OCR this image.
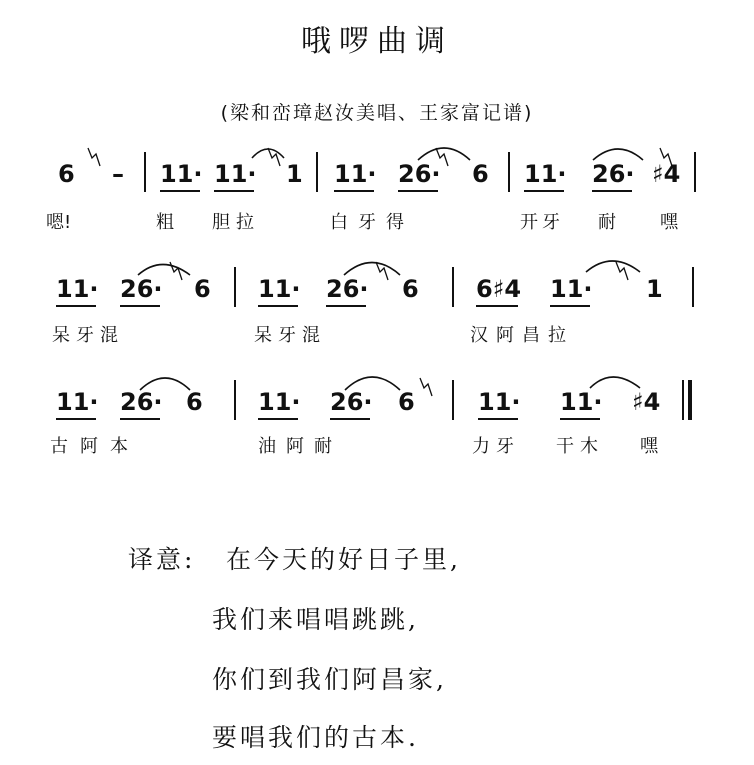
哦啰曲调
(梁和峦璋赵汝美唱、王家富记谱)
6 – 11· 11· 1 11· 26· 6 11· 26· ♯4
嗯!	粗 胆拉	白牙得	开牙 耐 嘿
11· 26· 6 11· 26· 6 6♯4 11· 1
呆牙混	呆牙混	汉阿昌拉
11· 26· 6 11· 26· 6	11· 11· ♯4
古阿本	油阿耐	力牙 干木 嘿
译意: 在今天的好日子里,
我们来唱唱跳跳,
你们到我们阿昌家,
要唱我们的古本.
